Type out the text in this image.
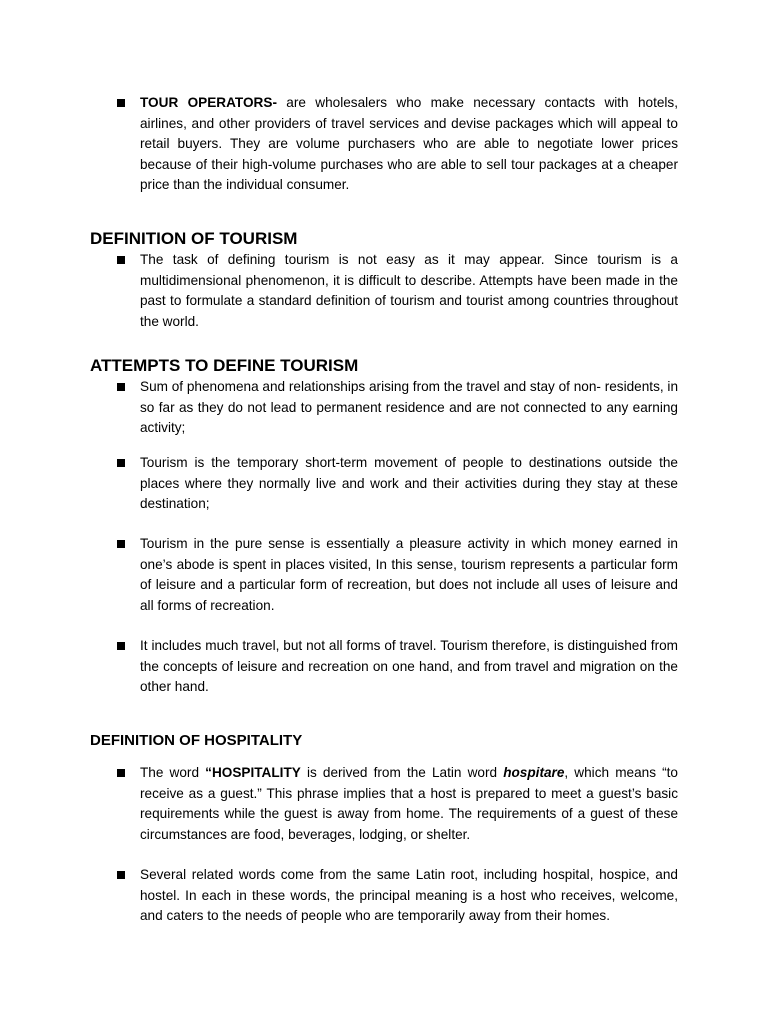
TOUR OPERATORS- are wholesalers who make necessary contacts with hotels, airlines, and other providers of travel services and devise packages which will appeal to retail buyers. They are volume purchasers who are able to negotiate lower prices because of their high-volume purchases who are able to sell tour packages at a cheaper price than the individual consumer.
DEFINITION OF TOURISM
The task of defining tourism is not easy as it may appear. Since tourism is a multidimensional phenomenon, it is difficult to describe. Attempts have been made in the past to formulate a standard definition of tourism and tourist among countries throughout the world.
ATTEMPTS TO DEFINE TOURISM
Sum of phenomena and relationships arising from the travel and stay of non- residents, in so far as they do not lead to permanent residence and are not connected to any earning activity;
Tourism is the temporary short-term movement of people to destinations outside the places where they normally live and work and their activities during they stay at these destination;
Tourism in the pure sense is essentially a pleasure activity in which money earned in one’s abode is spent in places visited, In this sense, tourism represents a particular form of leisure and a particular form of recreation, but does not include all uses of leisure and all forms of recreation.
It includes much travel, but not all forms of travel. Tourism therefore, is distinguished from the concepts of leisure and recreation on one hand, and from travel and migration on the other hand.
DEFINITION OF HOSPITALITY
The word “HOSPITALITY is derived from the Latin word hospitare, which means “to receive as a guest.” This phrase implies that a host is prepared to meet a guest’s basic requirements while the guest is away from home. The requirements of a guest of these circumstances are food, beverages, lodging, or shelter.
Several related words come from the same Latin root, including hospital, hospice, and hostel. In each in these words, the principal meaning is a host who receives, welcome, and caters to the needs of people who are temporarily away from their homes.
